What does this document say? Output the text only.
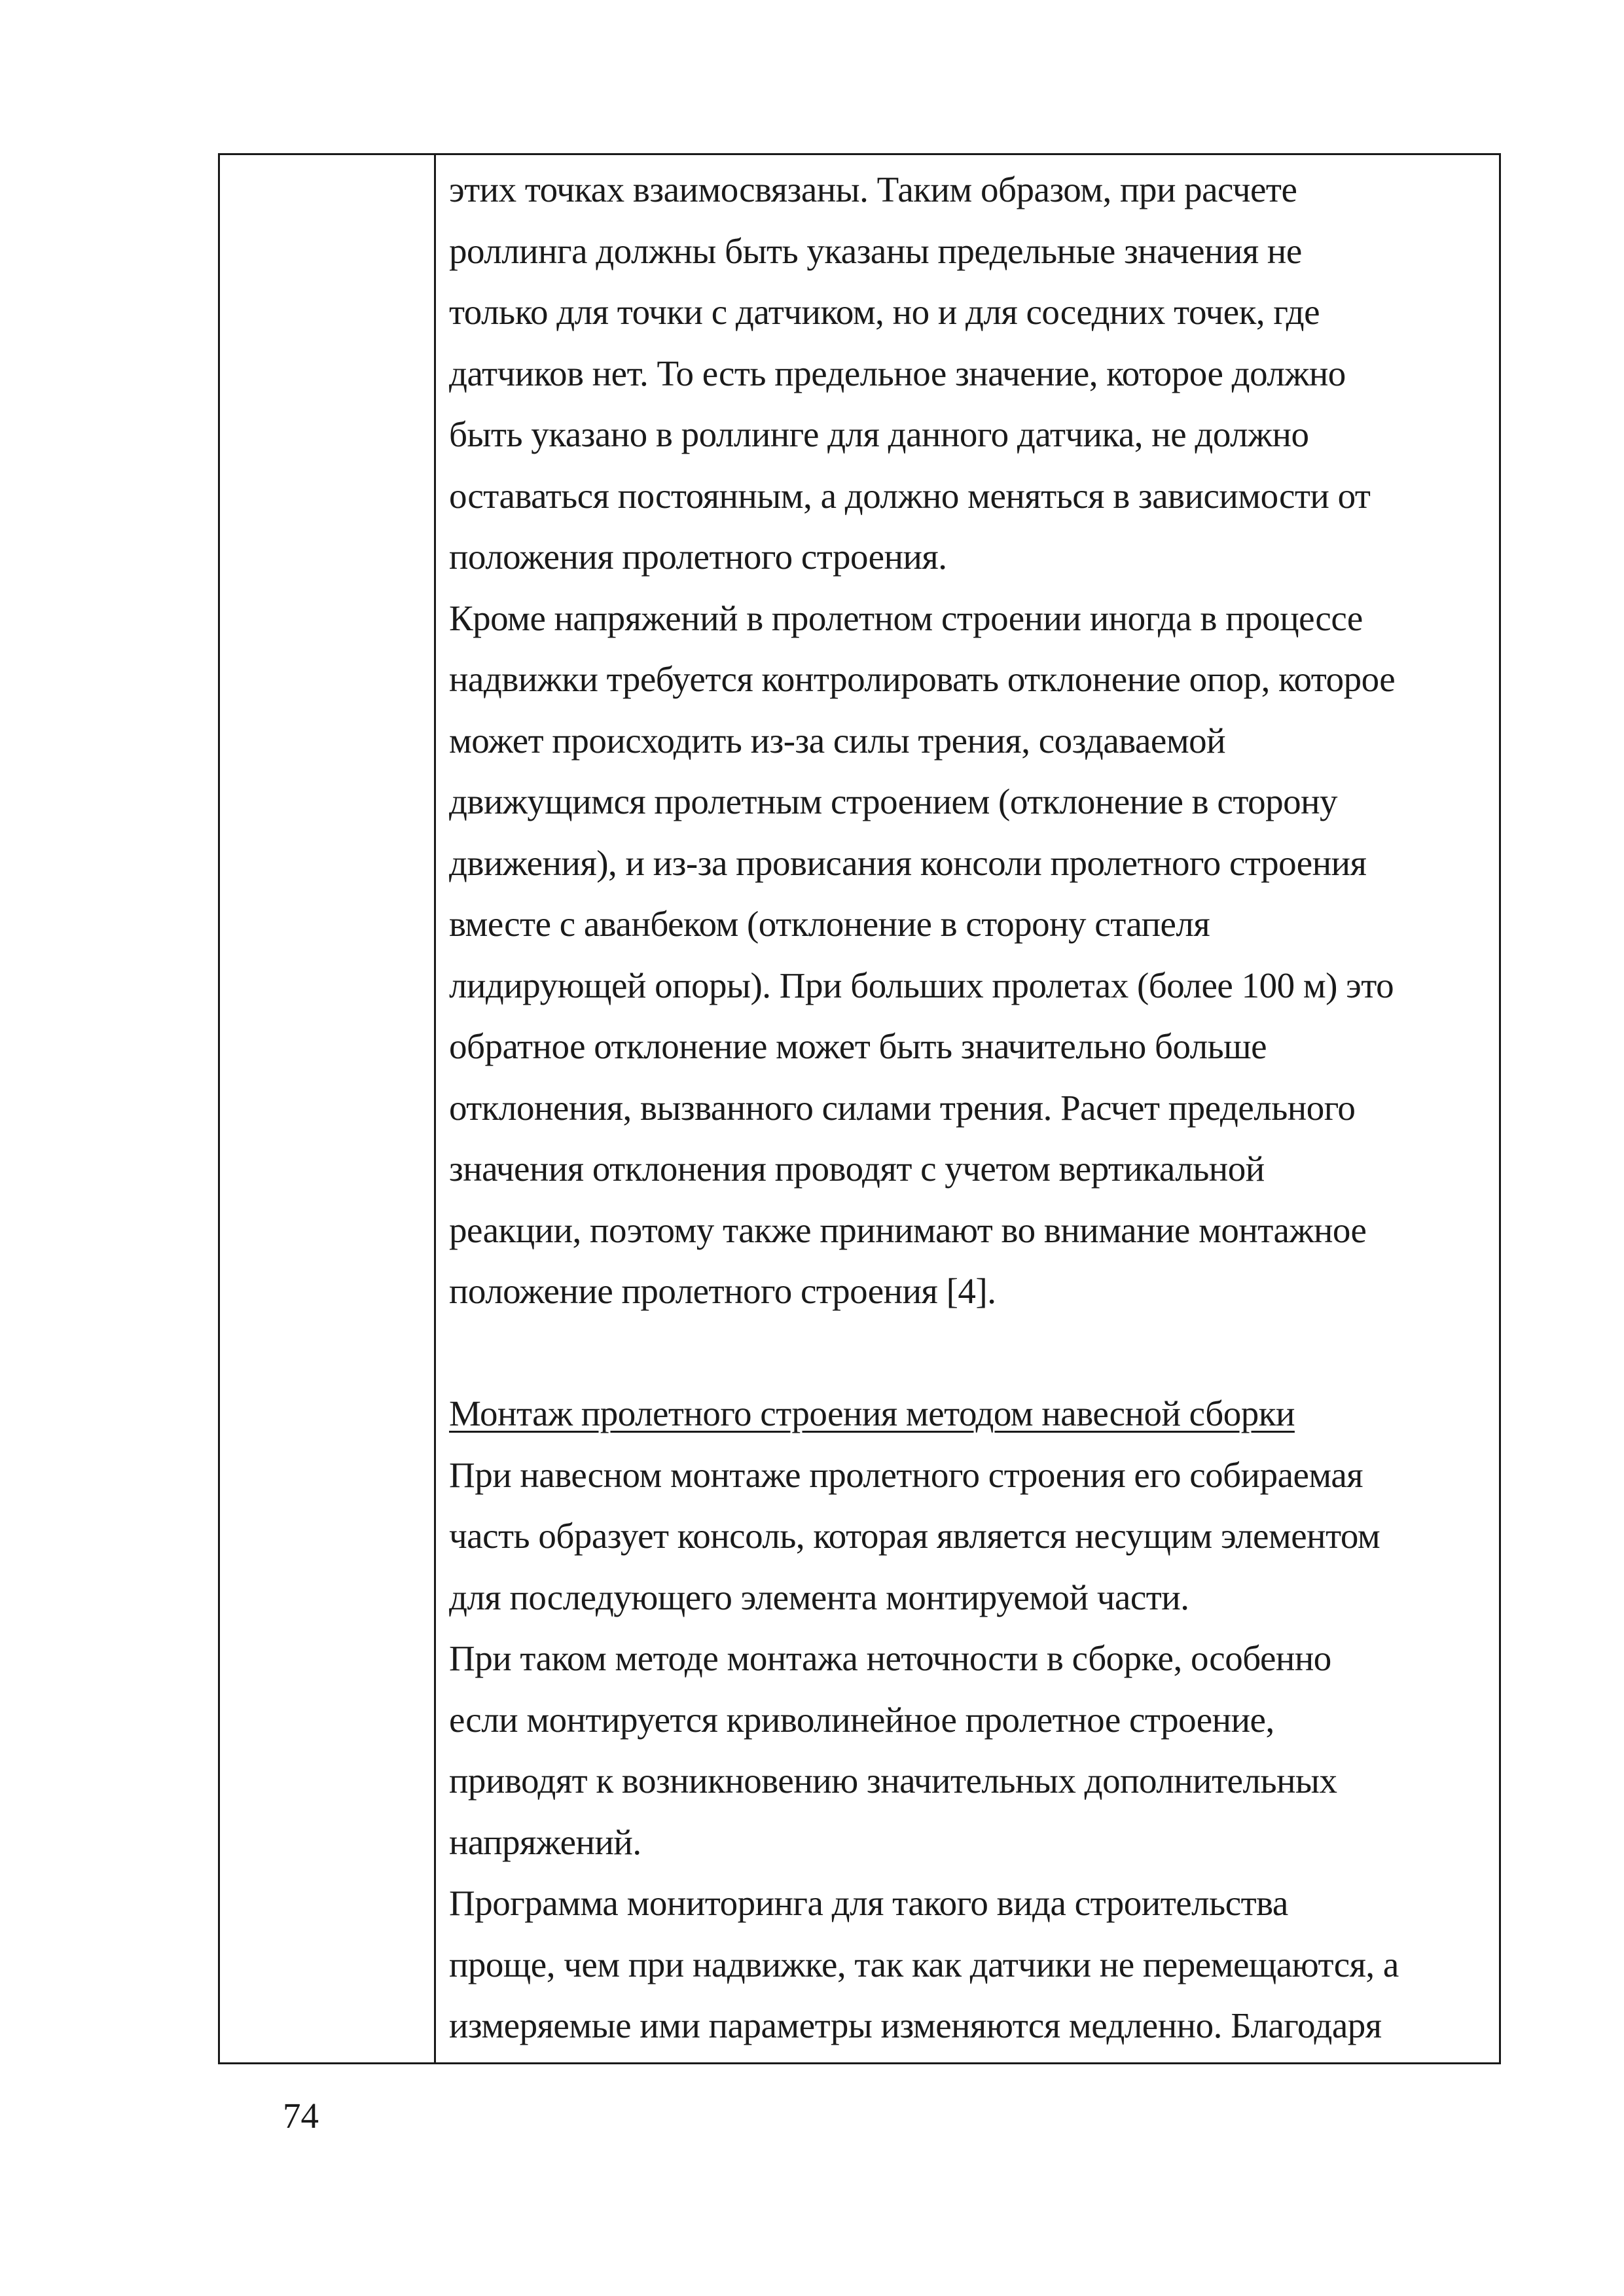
этих точках взаимосвязаны. Таким образом, при расчете
роллинга должны быть указаны предельные значения не
только для точки с датчиком, но и для соседних точек, где
датчиков нет. То есть предельное значение, которое должно
быть указано в роллинге для данного датчика, не должно
оставаться постоянным, а должно меняться в зависимости от
положения пролетного строения.
Кроме напряжений в пролетном строении иногда в процессе
надвижки требуется контролировать отклонение опор, которое
может происходить из-за силы трения, создаваемой
движущимся пролетным строением (отклонение в сторону
движения), и из-за провисания консоли пролетного строения
вместе с аванбеком (отклонение в сторону стапеля
лидирующей опоры). При больших пролетах (более 100 м) это
обратное отклонение может быть значительно больше
отклонения, вызванного силами трения. Расчет предельного
значения отклонения проводят с учетом вертикальной
реакции, поэтому также принимают во внимание монтажное
положение пролетного строения [4].
Монтаж пролетного строения методом навесной сборки
При навесном монтаже пролетного строения его собираемая
часть образует консоль, которая является несущим элементом
для последующего элемента монтируемой части.
При таком методе монтажа неточности в сборке, особенно
если монтируется криволинейное пролетное строение,
приводят к возникновению значительных дополнительных
напряжений.
Программа мониторинга для такого вида строительства
проще, чем при надвижке, так как датчики не перемещаются, а
измеряемые ими параметры изменяются медленно. Благодаря
74
